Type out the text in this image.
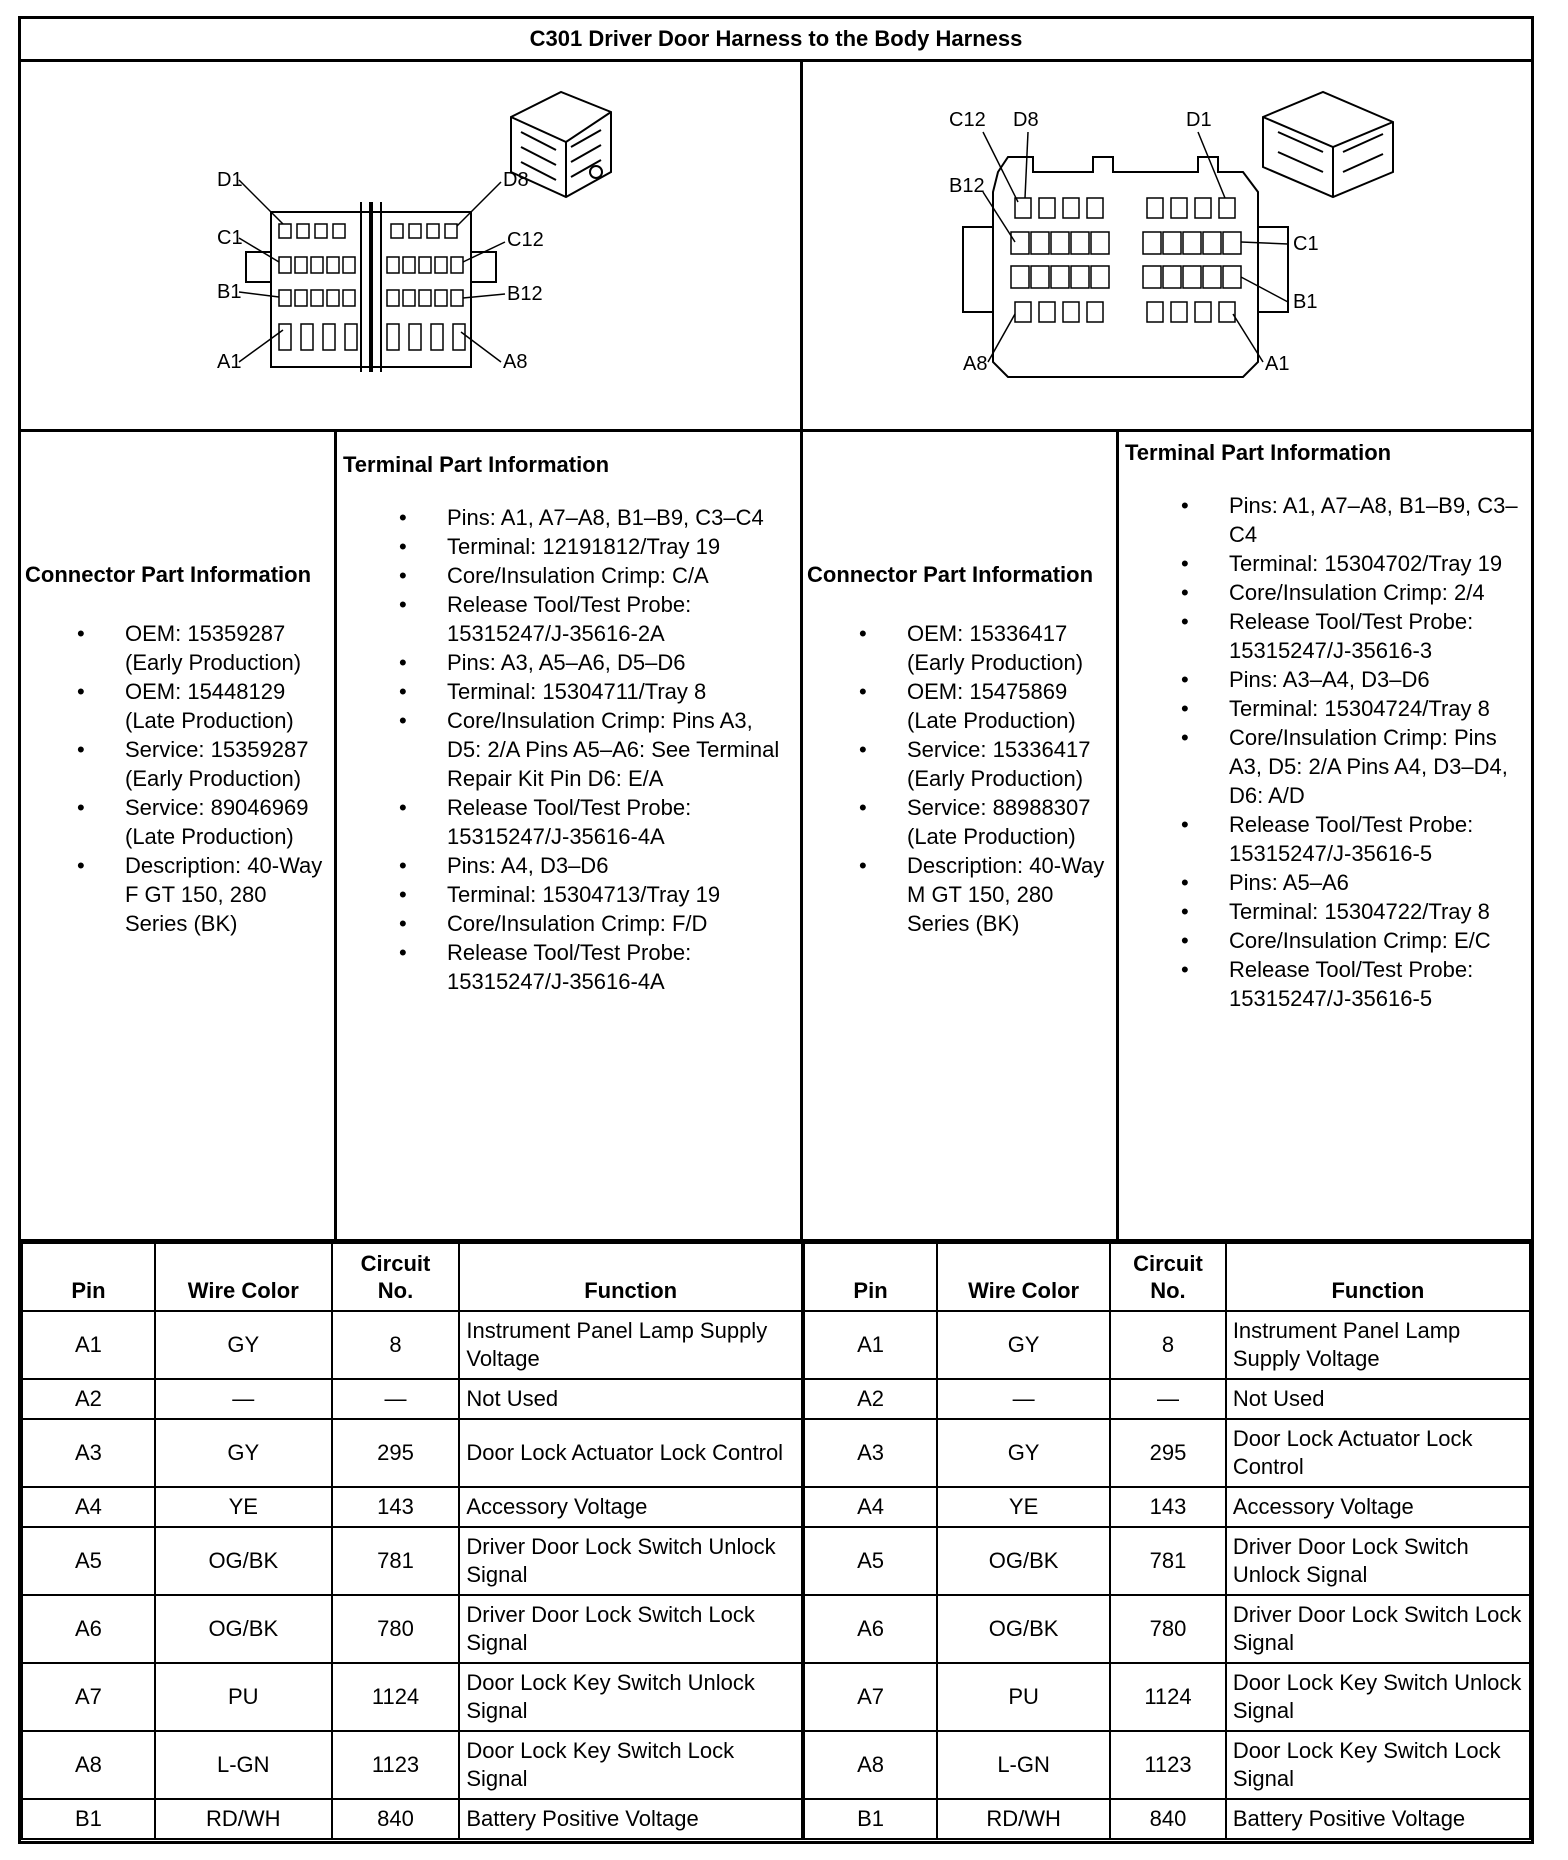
C301 Driver Door Harness to the Body Harness
D1
C1
B1
A1
D8
C12
B12
A8
C12 D8	D1
B12
C1
B1
A8	A1
Connector Part Information
• OEM: 15359287 (Early Production)
• OEM: 15448129 (Late Production)
• Service: 15359287 (Early Production)
• Service: 89046969 (Late Production)
• Description: 40-Way F GT 150, 280 Series (BK)
Terminal Part Information
• Pins: A1, A7–A8, B1–B9, C3–C4
• Terminal: 12191812/Tray 19
• Core/Insulation Crimp: C/A
• Release Tool/Test Probe: 15315247/J-35616-2A
• Pins: A3, A5–A6, D5–D6
• Terminal: 15304711/Tray 8
• Core/Insulation Crimp: Pins A3, D5: 2/A Pins A5–A6: See Terminal Repair Kit Pin D6: E/A
• Release Tool/Test Probe: 15315247/J-35616-4A
• Pins: A4, D3–D6
• Terminal: 15304713/Tray 19
• Core/Insulation Crimp: F/D
• Release Tool/Test Probe: 15315247/J-35616-4A
Connector Part Information
• OEM: 15336417 (Early Production)
• OEM: 15475869 (Late Production)
• Service: 15336417 (Early Production)
• Service: 88988307 (Late Production)
• Description: 40-Way M GT 150, 280 Series (BK)
Terminal Part Information
• Pins: A1, A7–A8, B1–B9, C3–C4
• Terminal: 15304702/Tray 19
• Core/Insulation Crimp: 2/4
• Release Tool/Test Probe: 15315247/J-35616-3
• Pins: A3–A4, D3–D6
• Terminal: 15304724/Tray 8
• Core/Insulation Crimp: Pins A3, D5: 2/A Pins A4, D3–D4, D6: A/D
• Release Tool/Test Probe: 15315247/J-35616-5
• Pins: A5–A6
• Terminal: 15304722/Tray 8
• Core/Insulation Crimp: E/C
• Release Tool/Test Probe: 15315247/J-35616-5
Pin	Wire Color	Circuit No.	Function
A1	GY	8	Instrument Panel Lamp Supply Voltage
A2	—	—	Not Used
A3	GY	295	Door Lock Actuator Lock Control
A4	YE	143	Accessory Voltage
A5	OG/BK	781	Driver Door Lock Switch Unlock Signal
A6	OG/BK	780	Driver Door Lock Switch Lock Signal
A7	PU	1124	Door Lock Key Switch Unlock Signal
A8	L-GN	1123	Door Lock Key Switch Lock Signal
B1	RD/WH	840	Battery Positive Voltage
Pin	Wire Color	Circuit No.	Function
A1	GY	8	Instrument Panel Lamp Supply Voltage
A2	—	—	Not Used
A3	GY	295	Door Lock Actuator Lock Control
A4	YE	143	Accessory Voltage
A5	OG/BK	781	Driver Door Lock Switch Unlock Signal
A6	OG/BK	780	Driver Door Lock Switch Lock Signal
A7	PU	1124	Door Lock Key Switch Unlock Signal
A8	L-GN	1123	Door Lock Key Switch Lock Signal
B1	RD/WH	840	Battery Positive Voltage
